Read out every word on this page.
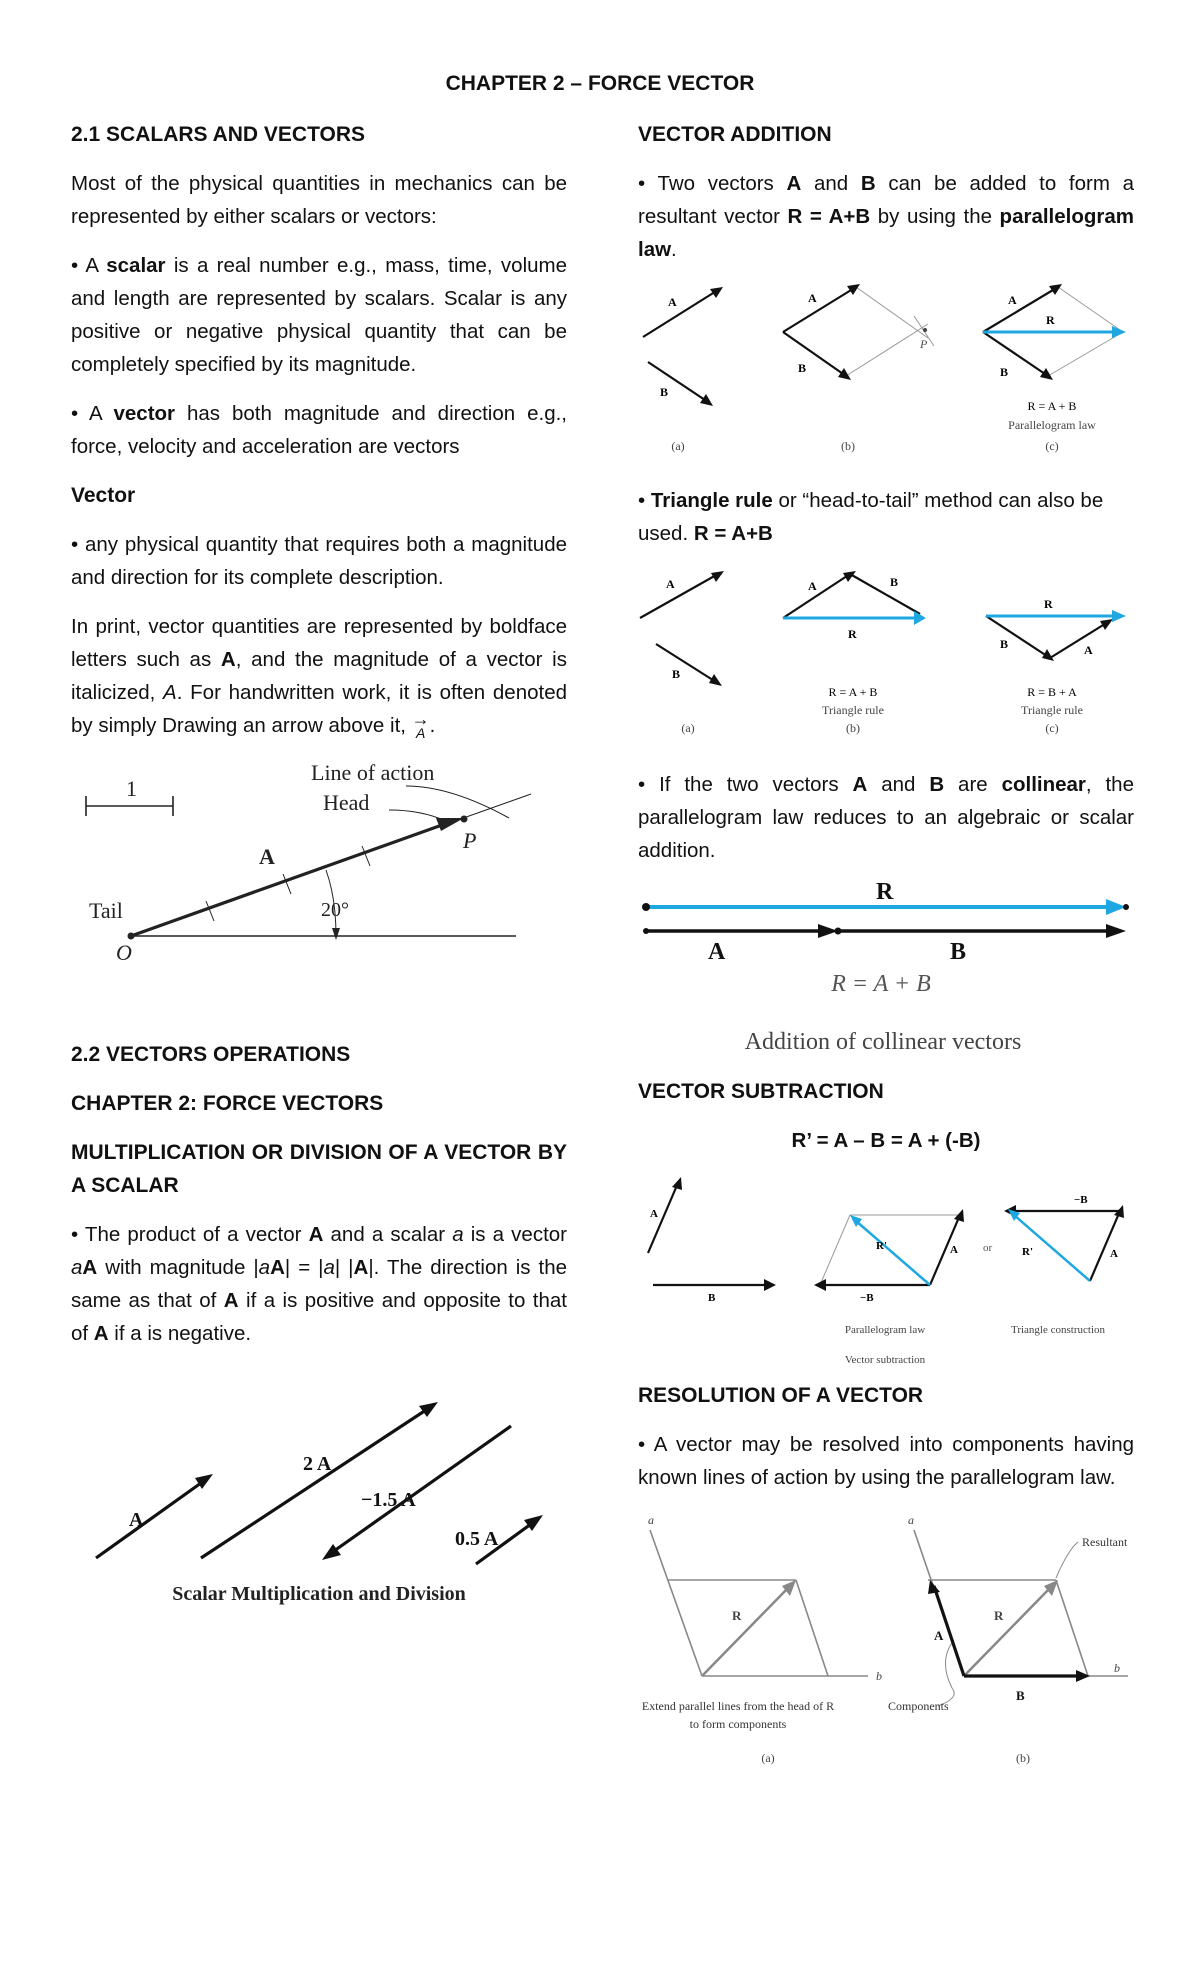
CHAPTER 2 – FORCE VECTOR
2.1 SCALARS AND VECTORS

Most of the physical quantities in mechanics can be represented by either scalars or vectors:

• A scalar is a real number e.g., mass, time, volume and length are represented by scalars. Scalar is any positive or negative physical quantity that can be completely specified by its magnitude.

• A vector has both magnitude and direction e.g., force, velocity and acceleration are vectors

Vector

• any physical quantity that requires both a magnitude and direction for its complete description.

In print, vector quantities are represented by boldface letters such as A, and the magnitude of a vector is italicized, A. For handwritten work, it is often denoted by simply Drawing an arrow above it, →
A .

1
Line of action
Head
A
P
Tail
O
20°
2.2 VECTORS OPERATIONS
CHAPTER 2: FORCE VECTORS
MULTIPLICATION OR DIVISION OF A VECTOR BY A SCALAR

• The product of a vector A and a scalar a is a vector aA with magnitude |aA| = |a| |A|. The direction is the same as that of A if a is positive and opposite to that of A if a is negative.

A
2 A
−1.5 A
0.5 A
Scalar Multiplication and Division
VECTOR ADDITION

• Two vectors A and B can be added to form a resultant vector R = A+B by using the parallelogram law.

A
B
A
B
P
A
R
B
R = A + B
Parallelogram law
(a)	(b)	(c)

• Triangle rule or “head-to-tail” method can also be used. R = A+B

A
B
A	B
R
R
B	A
R = A + B
Triangle rule
R = B + A
Triangle rule
(a)	(b)	(c)

• If the two vectors A and B are collinear, the parallelogram law reduces to an algebraic or scalar addition.

R
A	B
R = A + B
Addition of collinear vectors
VECTOR SUBTRACTION

R’ = A – B = A + (-B)

A
B
R'	A
−B
or	R'	A
−B
Parallelogram law	Triangle construction
Vector subtraction
RESOLUTION OF A VECTOR

• A vector may be resolved into components having known lines of action by using the parallelogram law.

a
b
R
Extend parallel lines from the head of R
to form components
a
b
R
A
B
Resultant
Components
(a)	(b)
